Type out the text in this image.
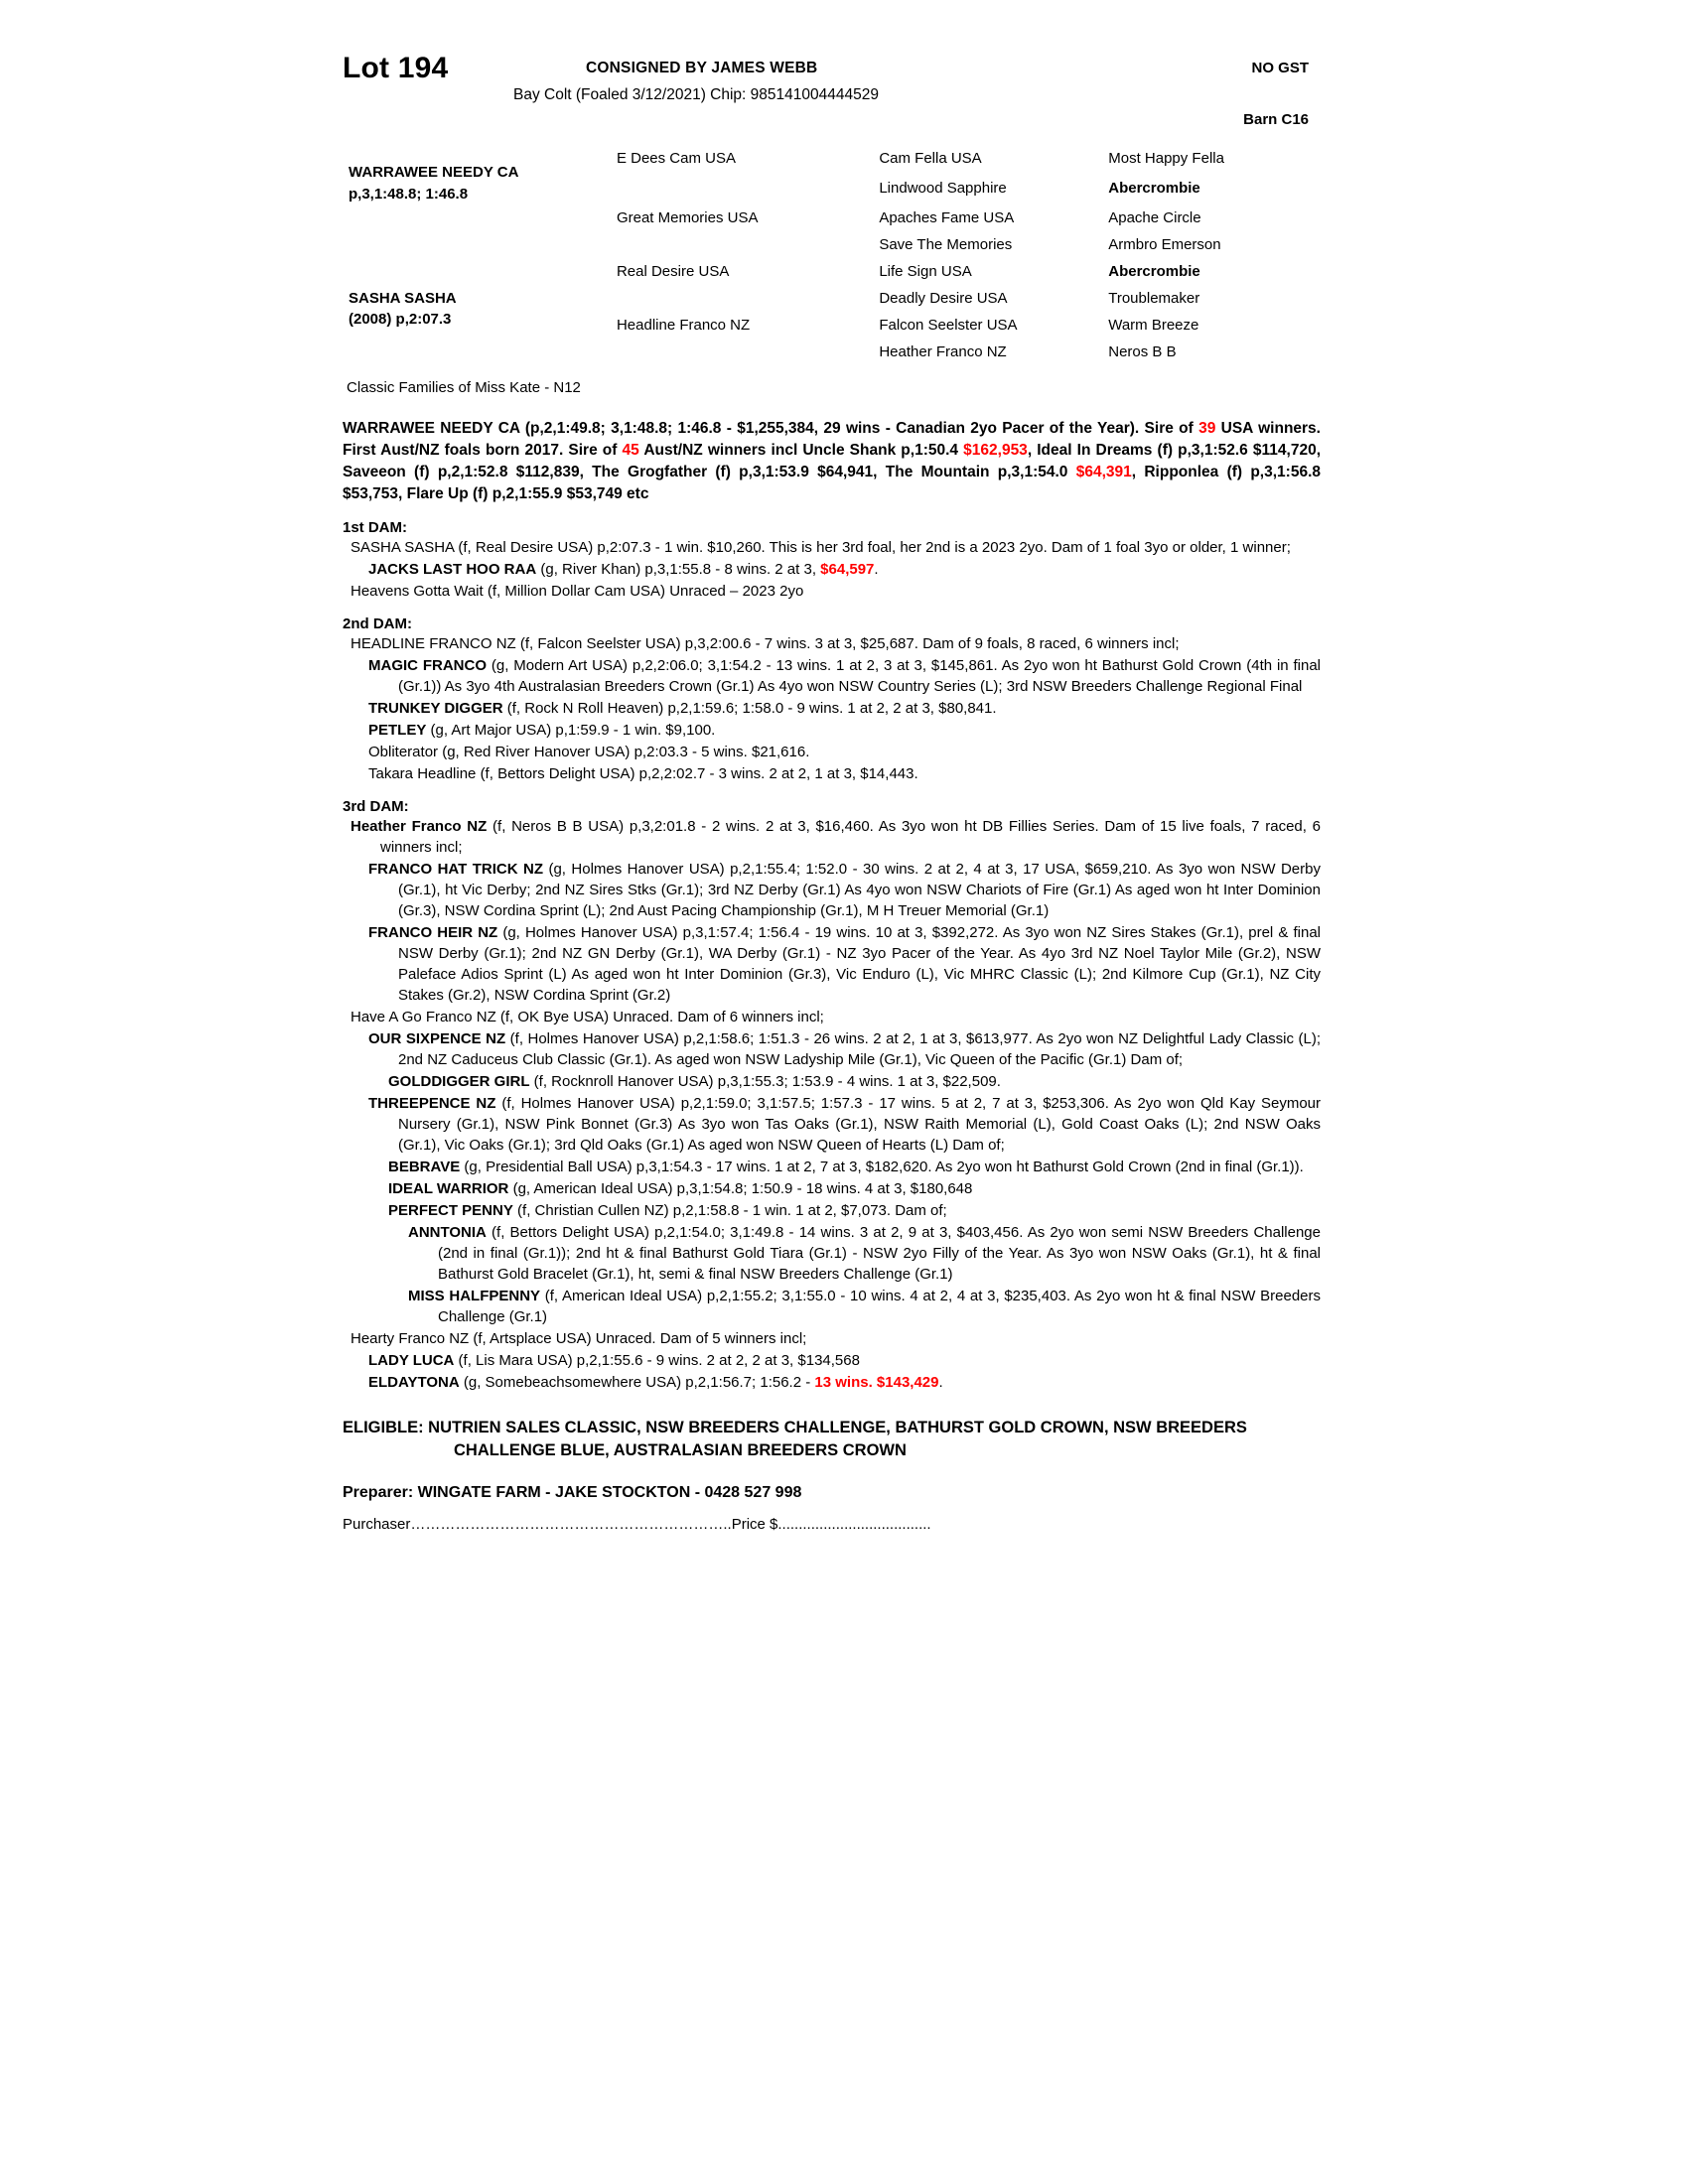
Lot 194	CONSIGNED BY JAMES WEBB
Bay Colt (Foaled 3/12/2021) Chip: 985141004444529
NO GST
Barn C16
WARRAWEE NEEDY CA
p,3,1:48.8; 1:46.8	E Dees Cam USA	Cam Fella USA	Most Happy Fella
		Lindwood Sapphire	Abercrombie
	Great Memories USA	Apaches Fame USA	Apache Circle
		Save The Memories	Armbro Emerson
	Real Desire USA	Life Sign USA	Abercrombie

SASHA SASHA
(2008) p,2:07.3		Deadly Desire USA	Troublemaker
	Headline Franco NZ	Falcon Seelster USA	Warm Breeze
		Heather Franco NZ	Neros B B
Classic Families of Miss Kate - N12
WARRAWEE NEEDY CA (p,2,1:49.8; 3,1:48.8; 1:46.8 - $1,255,384, 29 wins - Canadian 2yo Pacer of the Year). Sire of 39 USA winners. First Aust/NZ foals born 2017. Sire of 45 Aust/NZ winners incl Uncle Shank p,1:50.4 $162,953, Ideal In Dreams (f) p,3,1:52.6 $114,720, Saveeon (f) p,2,1:52.8 $112,839, The Grogfather (f) p,3,1:53.9 $64,941, The Mountain p,3,1:54.0 $64,391, Ripponlea (f) p,3,1:56.8 $53,753, Flare Up (f) p,2,1:55.9 $53,749 etc
1st DAM:
SASHA SASHA (f, Real Desire USA) p,2:07.3 - 1 win. $10,260. This is her 3rd foal, her 2nd is a 2023 2yo. Dam of 1 foal 3yo or older, 1 winner;
JACKS LAST HOO RAA (g, River Khan) p,3,1:55.8 - 8 wins. 2 at 3, $64,597.
Heavens Gotta Wait (f, Million Dollar Cam USA) Unraced – 2023 2yo
2nd DAM:
HEADLINE FRANCO NZ (f, Falcon Seelster USA) p,3,2:00.6 - 7 wins. 3 at 3, $25,687. Dam of 9 foals, 8 raced, 6 winners incl;
MAGIC FRANCO (g, Modern Art USA) p,2,2:06.0; 3,1:54.2 - 13 wins. 1 at 2, 3 at 3, $145,861. As 2yo won ht Bathurst Gold Crown (4th in final (Gr.1)) As 3yo 4th Australasian Breeders Crown (Gr.1) As 4yo won NSW Country Series (L); 3rd NSW Breeders Challenge Regional Final
TRUNKEY DIGGER (f, Rock N Roll Heaven) p,2,1:59.6; 1:58.0 - 9 wins. 1 at 2, 2 at 3, $80,841.
PETLEY (g, Art Major USA) p,1:59.9 - 1 win. $9,100.
Obliterator (g, Red River Hanover USA) p,2:03.3 - 5 wins. $21,616.
Takara Headline (f, Bettors Delight USA) p,2,2:02.7 - 3 wins. 2 at 2, 1 at 3, $14,443.
3rd DAM:
Heather Franco NZ (f, Neros B B USA) p,3,2:01.8 - 2 wins. 2 at 3, $16,460. As 3yo won ht DB Fillies Series. Dam of 15 live foals, 7 raced, 6 winners incl;
FRANCO HAT TRICK NZ (g, Holmes Hanover USA) p,2,1:55.4; 1:52.0 - 30 wins. 2 at 2, 4 at 3, 17 USA, $659,210. As 3yo won NSW Derby (Gr.1), ht Vic Derby; 2nd NZ Sires Stks (Gr.1); 3rd NZ Derby (Gr.1) As 4yo won NSW Chariots of Fire (Gr.1) As aged won ht Inter Dominion (Gr.3), NSW Cordina Sprint (L); 2nd Aust Pacing Championship (Gr.1), M H Treuer Memorial (Gr.1)
FRANCO HEIR NZ (g, Holmes Hanover USA) p,3,1:57.4; 1:56.4 - 19 wins. 10 at 3, $392,272. As 3yo won NZ Sires Stakes (Gr.1), prel & final NSW Derby (Gr.1); 2nd NZ GN Derby (Gr.1), WA Derby (Gr.1) - NZ 3yo Pacer of the Year. As 4yo 3rd NZ Noel Taylor Mile (Gr.2), NSW Paleface Adios Sprint (L) As aged won ht Inter Dominion (Gr.3), Vic Enduro (L), Vic MHRC Classic (L); 2nd Kilmore Cup (Gr.1), NZ City Stakes (Gr.2), NSW Cordina Sprint (Gr.2)
Have A Go Franco NZ (f, OK Bye USA) Unraced. Dam of 6 winners incl;
OUR SIXPENCE NZ (f, Holmes Hanover USA) p,2,1:58.6; 1:51.3 - 26 wins. 2 at 2, 1 at 3, $613,977. As 2yo won NZ Delightful Lady Classic (L); 2nd NZ Caduceus Club Classic (Gr.1). As aged won NSW Ladyship Mile (Gr.1), Vic Queen of the Pacific (Gr.1) Dam of;
GOLDDIGGER GIRL (f, Rocknroll Hanover USA) p,3,1:55.3; 1:53.9 - 4 wins. 1 at 3, $22,509.
THREEPENCE NZ (f, Holmes Hanover USA) p,2,1:59.0; 3,1:57.5; 1:57.3 - 17 wins. 5 at 2, 7 at 3, $253,306. As 2yo won Qld Kay Seymour Nursery (Gr.1), NSW Pink Bonnet (Gr.3) As 3yo won Tas Oaks (Gr.1), NSW Raith Memorial (L), Gold Coast Oaks (L); 2nd NSW Oaks (Gr.1), Vic Oaks (Gr.1); 3rd Qld Oaks (Gr.1) As aged won NSW Queen of Hearts (L) Dam of;
BEBRAVE (g, Presidential Ball USA) p,3,1:54.3 - 17 wins. 1 at 2, 7 at 3, $182,620. As 2yo won ht Bathurst Gold Crown (2nd in final (Gr.1)).
IDEAL WARRIOR (g, American Ideal USA) p,3,1:54.8; 1:50.9 - 18 wins. 4 at 3, $180,648
PERFECT PENNY (f, Christian Cullen NZ) p,2,1:58.8 - 1 win. 1 at 2, $7,073. Dam of;
ANNTONIA (f, Bettors Delight USA) p,2,1:54.0; 3,1:49.8 - 14 wins. 3 at 2, 9 at 3, $403,456. As 2yo won semi NSW Breeders Challenge (2nd in final (Gr.1)); 2nd ht & final Bathurst Gold Tiara (Gr.1) - NSW 2yo Filly of the Year. As 3yo won NSW Oaks (Gr.1), ht & final Bathurst Gold Bracelet (Gr.1), ht, semi & final NSW Breeders Challenge (Gr.1)
MISS HALFPENNY (f, American Ideal USA) p,2,1:55.2; 3,1:55.0 - 10 wins. 4 at 2, 4 at 3, $235,403. As 2yo won ht & final NSW Breeders Challenge (Gr.1)
Hearty Franco NZ (f, Artsplace USA) Unraced. Dam of 5 winners incl;
LADY LUCA (f, Lis Mara USA) p,2,1:55.6 - 9 wins. 2 at 2, 2 at 3, $134,568
ELDAYTONA (g, Somebeachsomewhere USA) p,2,1:56.7; 1:56.2 - 13 wins. $143,429.
ELIGIBLE: NUTRIEN SALES CLASSIC, NSW BREEDERS CHALLENGE, BATHURST GOLD CROWN, NSW BREEDERS CHALLENGE BLUE, AUSTRALASIAN BREEDERS CROWN
Preparer: WINGATE FARM - JAKE STOCKTON - 0428 527 998
Purchaser………………………………………………………..Price $.....................................
